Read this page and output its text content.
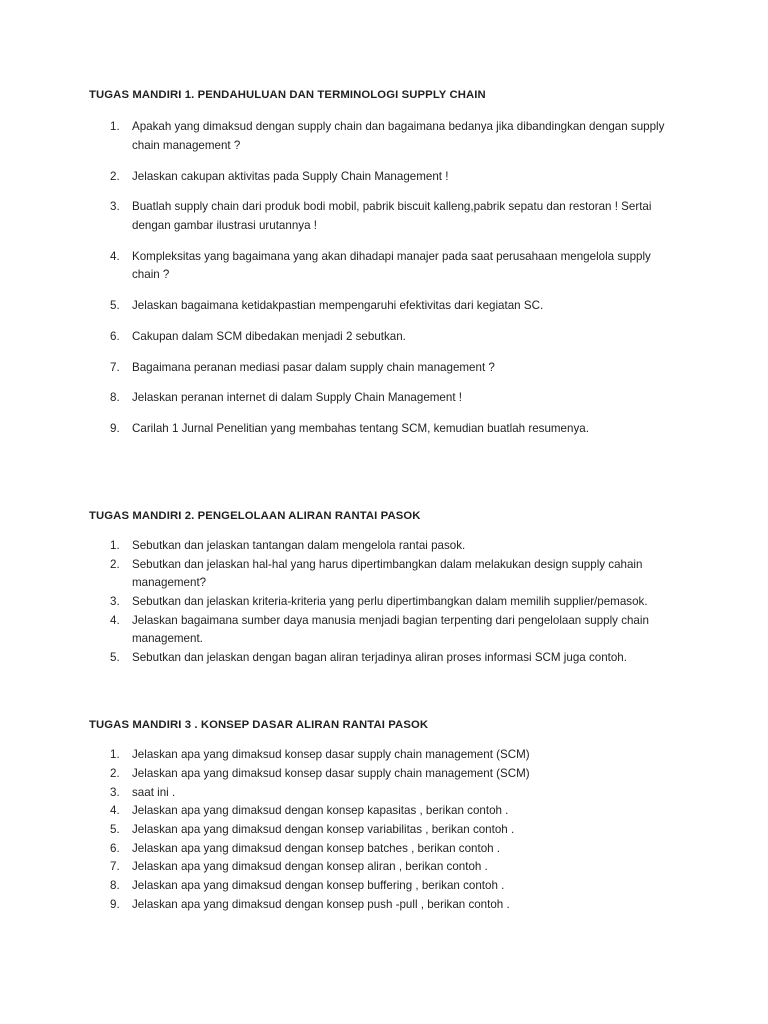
TUGAS MANDIRI 1. PENDAHULUAN DAN TERMINOLOGI SUPPLY CHAIN
1.	Apakah yang dimaksud dengan supply chain dan bagaimana bedanya jika dibandingkan dengan supply chain management ?
2.	Jelaskan cakupan aktivitas pada Supply Chain Management !
3.	Buatlah supply chain dari produk bodi mobil, pabrik biscuit kalleng,pabrik sepatu dan restoran ! Sertai dengan gambar ilustrasi urutannya !
4.	Kompleksitas yang bagaimana yang akan dihadapi manajer pada saat perusahaan mengelola supply chain ?
5.	Jelaskan bagaimana ketidakpastian mempengaruhi efektivitas dari kegiatan SC.
6.	Cakupan dalam SCM dibedakan menjadi 2 sebutkan.
7.	Bagaimana peranan mediasi pasar dalam supply chain management ?
8.	Jelaskan peranan internet di dalam Supply Chain Management !
9.	Carilah 1 Jurnal Penelitian yang membahas tentang SCM, kemudian buatlah resumenya.
TUGAS MANDIRI 2. PENGELOLAAN ALIRAN RANTAI PASOK
1.	Sebutkan dan jelaskan tantangan dalam mengelola rantai pasok.
2.	Sebutkan dan jelaskan hal-hal yang harus dipertimbangkan dalam melakukan design supply cahain management?
3.	Sebutkan dan jelaskan kriteria-kriteria yang perlu dipertimbangkan dalam memilih supplier/pemasok.
4.	Jelaskan bagaimana sumber daya manusia menjadi bagian terpenting dari pengelolaan supply chain management.
5.	Sebutkan dan jelaskan dengan bagan aliran terjadinya aliran proses informasi SCM juga contoh.
TUGAS MANDIRI 3 . KONSEP DASAR ALIRAN RANTAI PASOK
1.	Jelaskan apa yang dimaksud konsep dasar supply chain management (SCM)
2.	Jelaskan apa yang dimaksud konsep dasar supply chain management (SCM)
3.	saat ini .
4.	Jelaskan apa yang dimaksud dengan konsep kapasitas , berikan contoh .
5.	Jelaskan apa yang dimaksud dengan konsep variabilitas , berikan contoh .
6.	Jelaskan apa yang dimaksud dengan konsep batches , berikan contoh .
7.	Jelaskan apa yang dimaksud dengan konsep aliran , berikan contoh .
8.	Jelaskan apa yang dimaksud dengan konsep buffering , berikan contoh .
9.	Jelaskan apa yang dimaksud dengan konsep push -pull , berikan contoh .
